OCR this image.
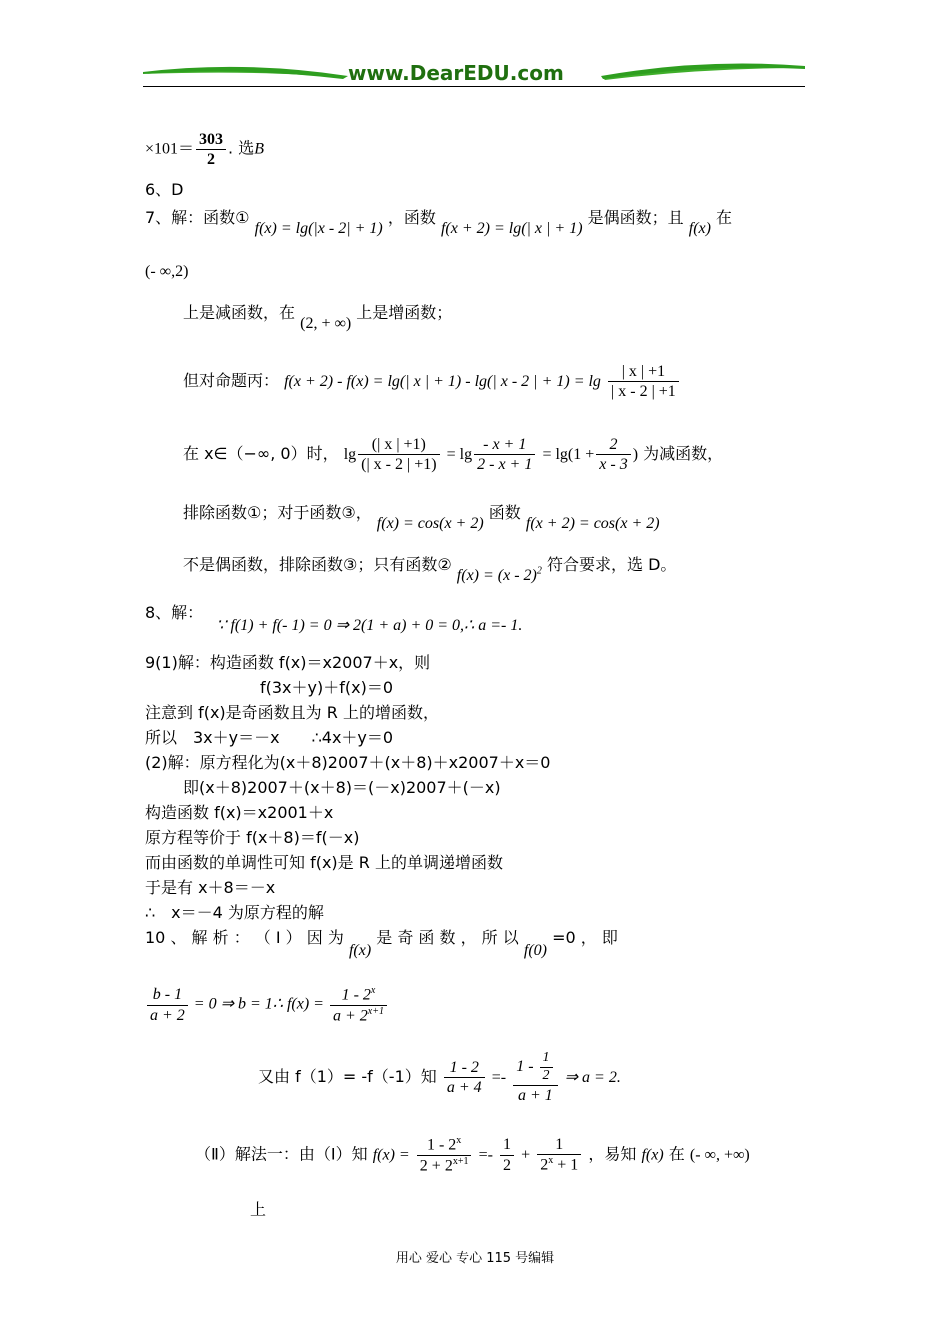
www.DearEDU.com
$\times 101= \frac{303}{2}$ . 选B
6、D
7、解：函数① f(x) = lg(|x - 2| + 1) ，函数 f(x + 2) = lg(| x | + 1) 是偶函数；且 f(x) 在
(- ∞,2)
上是减函数，在 (2, + ∞) 上是增函数；
但对命题丙： f(x + 2) - f(x) = lg(| x | + 1) - lg(| x - 2 | + $1) = \lg \frac{| x | +1}{| x - 2 | +1}$
在 x∈（−∞, 0）时， $\lg \frac{(| x | +1)}{(| x - 2 | +1)} = \lg \frac{- x + 1}{2 - x + 1} = \lg(1 + \frac{2}{x - 3}$ ) 为减函数，
排除函数①；对于函数③， f(x) = cos(x + 2) 函数 f(x + 2) = cos(x + 2)
不是偶函数，排除函数③；只有函数② f(x) = (x - 2)$^2$ 符合要求，选 D。
8、解： ∵ f(1) + f(- 1) = 0 ⇒ 2(1 + a) + 0 = 0,∴ a =- 1.
9(1)解：构造函数 f(x)＝x2007＋x，则
f(3x＋y)＋f(x)＝0
注意到 f(x)是奇函数且为 R 上的增函数，
所以　3x＋y＝－x　　∴4x＋y＝0
(2)解：原方程化为(x＋8)2007＋(x＋8)＋x2007＋x＝0
即(x＋8)2007＋(x＋8)＝(－x)2007＋(－x)
构造函数 f(x)＝x2001＋x
原方程等价于 f(x＋8)＝f(－x)
而由函数的单调性可知 f(x)是 R 上的单调递增函数
于是有 x＋8＝－x
∴　x＝－4 为原方程的解
10 、 解 析 ： （ Ⅰ ） 因 为 f(x) 是 奇 函 数 ， 所 以 f(0) =0 ， 即
$\frac{b - 1}{a + 2} = 0$ ⇒ b = 1∴ $f(x) = \frac{1 - 2^x}{a + 2^{x+1}}$
又由 f（1）= -f（-1）知 $\frac{1 - 2}{a + 4} =- \frac{1 - \frac{1}{2}}{a + 1}$ ⇒ a = 2.
（Ⅱ）解法一：由（Ⅰ）知 $f(x) = \frac{1 - 2^x}{2 + 2^{x+1}} =- \frac{1}{2} + \frac{1}{2^x + 1}$ ，易知 f(x) 在 (- ∞, +∞)
上
用心 爱心 专心 115 号编辑
